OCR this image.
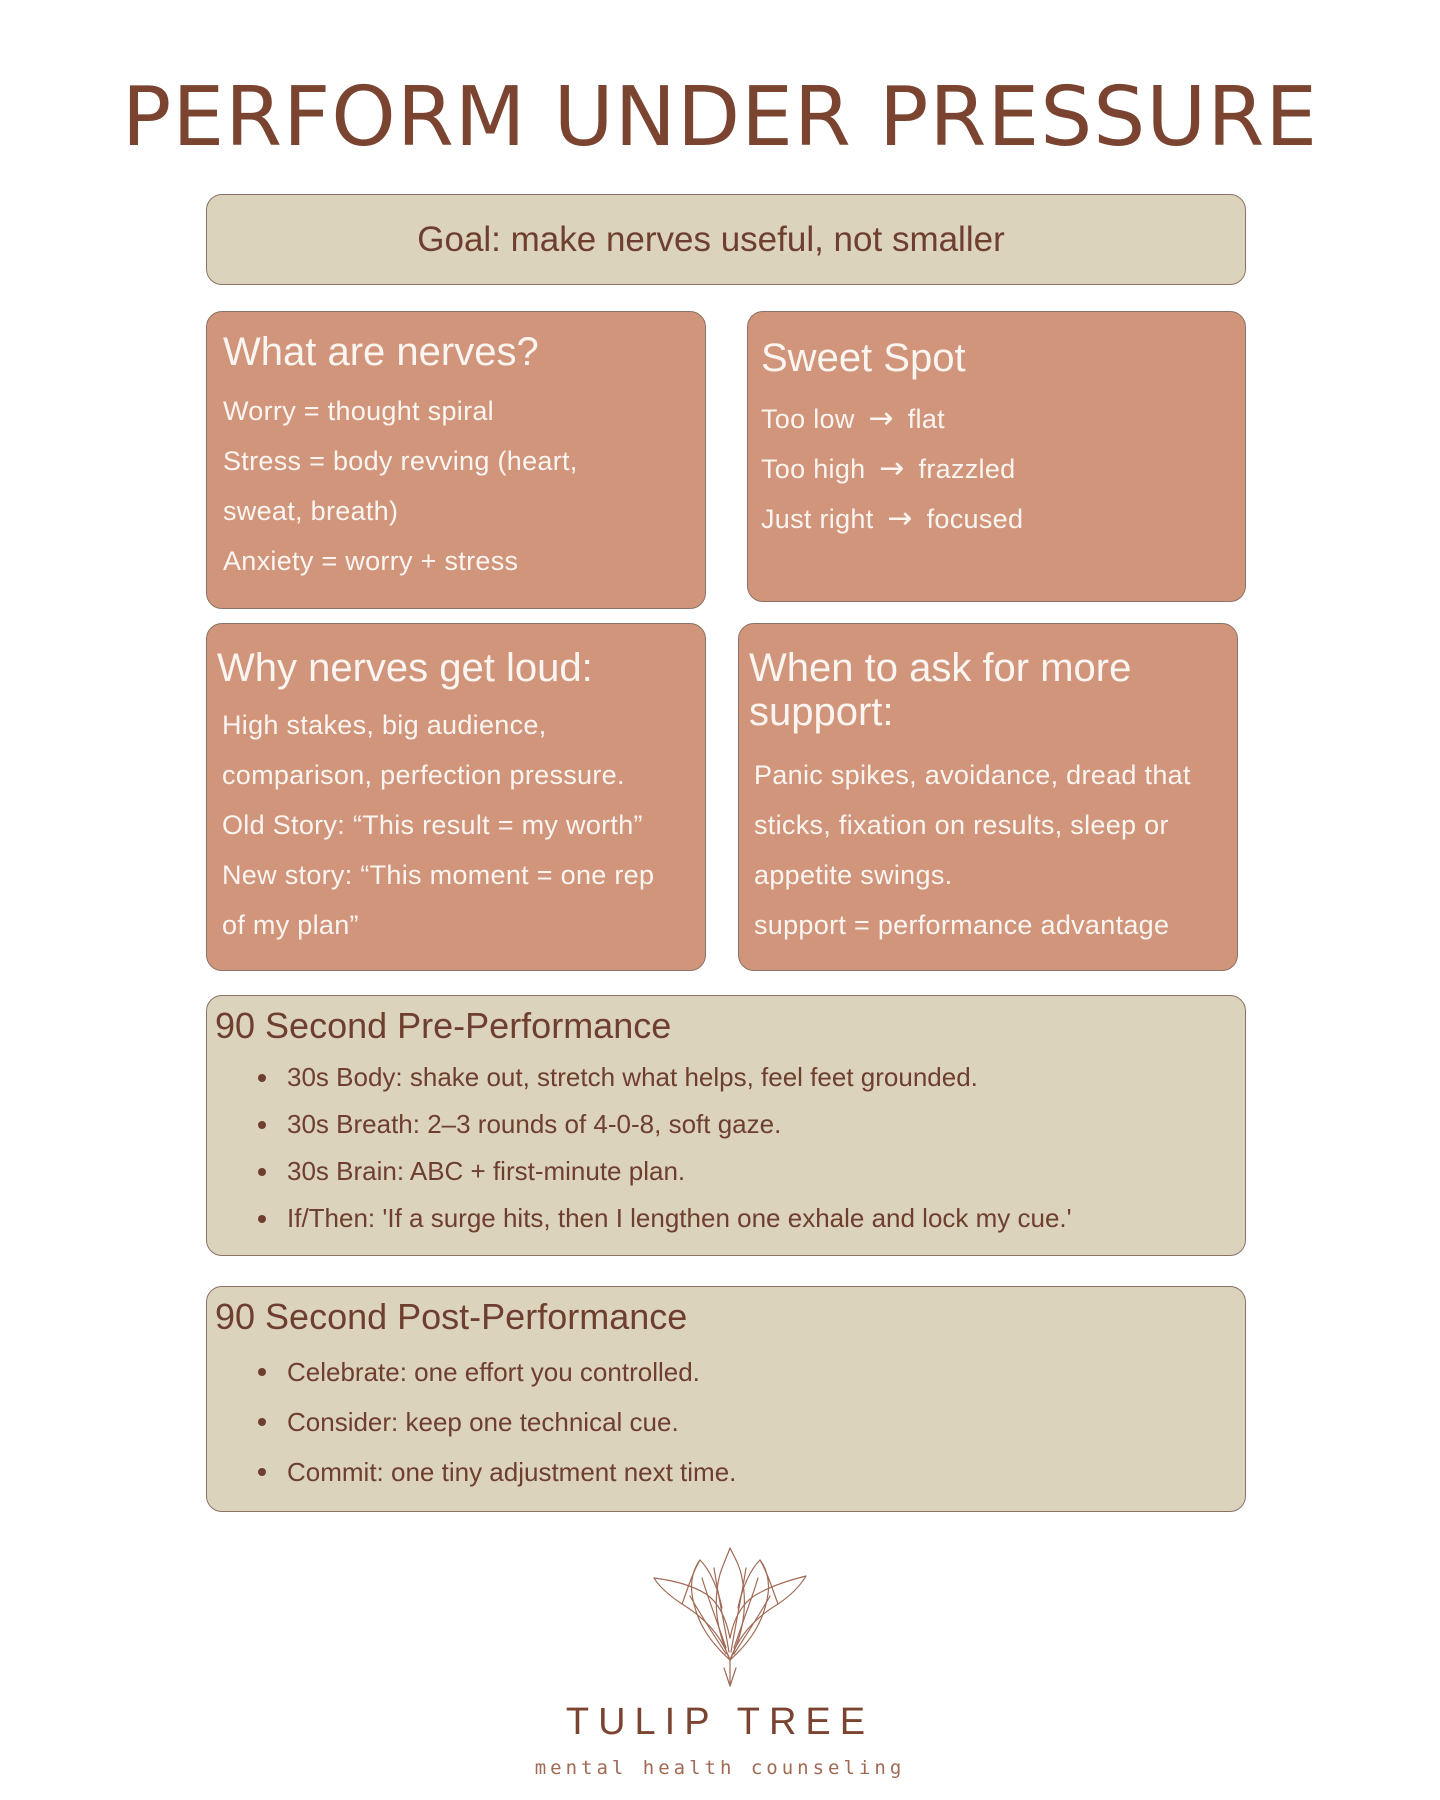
PERFORM UNDER PRESSURE
Goal: make nerves useful, not smaller
What are nerves?

Worry = thought spiral

Stress = body revving (heart,

sweat, breath)

Anxiety = worry + stress

Sweet Spot

Too low → flat

Too high → frazzled

Just right → focused

Why nerves get loud:

High stakes, big audience,

comparison, perfection pressure.

Old Story: “This result = my worth”

New story: “This moment = one rep

of my plan”

When to ask for more
support:

Panic spikes, avoidance, dread that

sticks, fixation on results, sleep or

appetite swings.

support = performance advantage

90 Second Pre-Performance
30s Body: shake out, stretch what helps, feel feet grounded.
30s Breath: 2–3 rounds of 4-0-8, soft gaze.
30s Brain: ABC + first-minute plan.
If/Then: 'If a surge hits, then I lengthen one exhale and lock my cue.'
90 Second Post-Performance
Celebrate: one effort you controlled.
Consider: keep one technical cue.
Commit: one tiny adjustment next time.
TULIP TREE
mental health counseling
